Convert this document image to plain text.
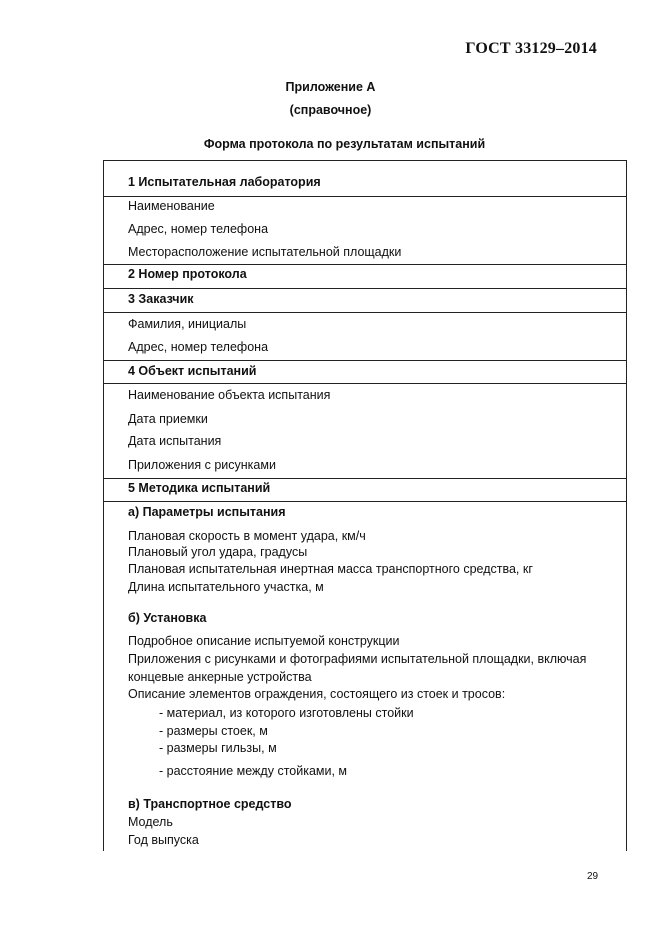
ГОСТ 33129–2014
Приложение А
(справочное)
Форма протокола по результатам испытаний
1 Испытательная лаборатория
Наименование
Адрес, номер телефона
Месторасположение испытательной площадки
2 Номер протокола
3 Заказчик
Фамилия, инициалы
Адрес, номер телефона
4 Объект испытаний
Наименование объекта испытания
Дата приемки
Дата испытания
Приложения с рисунками
5 Методика испытаний
а) Параметры испытания
Плановая скорость в момент удара, км/ч
Плановый угол удара, градусы
Плановая испытательная инертная масса транспортного средства, кг
Длина испытательного участка, м
б) Установка
Подробное описание испытуемой конструкции
Приложения с рисунками и фотографиями испытательной площадки, включая
концевые анкерные устройства
Описание элементов ограждения, состоящего из стоек и тросов:
- материал, из которого изготовлены стойки
- размеры стоек, м
- размеры гильзы, м
- расстояние между стойками, м
в) Транспортное средство
Модель
Год выпуска
29
